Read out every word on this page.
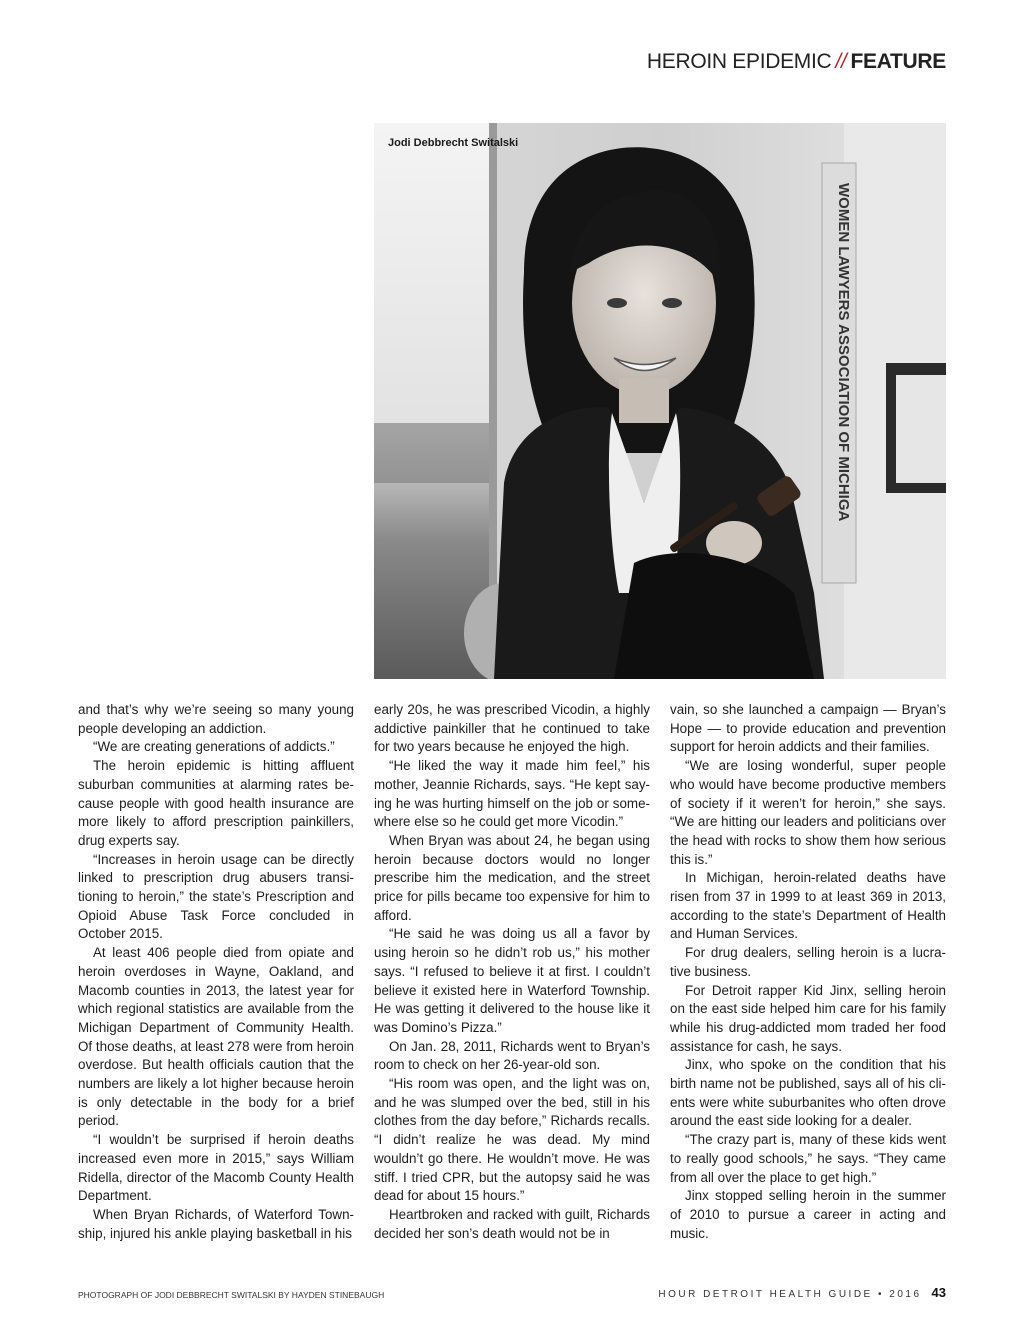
HEROIN EPIDEMIC // FEATURE
WOMEN LAWYERS ASSOCIATION OF MICHIGA
Jodi Debbrecht Switalski

and that’s why we’re seeing so many young people developing an addiction.

“We are creating generations of addicts.”

The heroin epidemic is hitting affluent suburban communities at alarming rates because people with good health insurance are more likely to afford prescription painkillers, drug experts say.

“Increases in heroin usage can be directly linked to prescription drug abusers transitioning to heroin,” the state’s Prescription and Opioid Abuse Task Force concluded in October 2015.

At least 406 people died from opiate and heroin overdoses in Wayne, Oakland, and Macomb counties in 2013, the latest year for which regional statistics are available from the Michigan Department of Community Health. Of those deaths, at least 278 were from heroin overdose. But health officials caution that the numbers are likely a lot higher because heroin is only detectable in the body for a brief period.

“I wouldn’t be surprised if heroin deaths increased even more in 2015,” says William Ridella, director of the Macomb County Health Department.

When Bryan Richards, of Waterford Township, injured his ankle playing basketball in his

early 20s, he was prescribed Vicodin, a highly addictive painkiller that he continued to take for two years because he enjoyed the high.

“He liked the way it made him feel,” his mother, Jeannie Richards, says. “He kept saying he was hurting himself on the job or somewhere else so he could get more Vicodin.”

When Bryan was about 24, he began using heroin because doctors would no longer prescribe him the medication, and the street price for pills became too expensive for him to afford.

“He said he was doing us all a favor by using heroin so he didn’t rob us,” his mother says. “I refused to believe it at first. I couldn’t believe it existed here in Waterford Township. He was getting it delivered to the house like it was Domino’s Pizza.”

On Jan. 28, 2011, Richards went to Bryan’s room to check on her 26-year-old son.

“His room was open, and the light was on, and he was slumped over the bed, still in his clothes from the day before,” Richards recalls. “I didn’t realize he was dead. My mind wouldn’t go there. He wouldn’t move. He was stiff. I tried CPR, but the autopsy said he was dead for about 15 hours.”

Heartbroken and racked with guilt, Richards decided her son’s death would not be in

vain, so she launched a campaign — Bryan’s Hope — to provide education and prevention support for heroin addicts and their families.

“We are losing wonderful, super people who would have become productive members of society if it weren’t for heroin,” she says. “We are hitting our leaders and politicians over the head with rocks to show them how serious this is.”

In Michigan, heroin-related deaths have risen from 37 in 1999 to at least 369 in 2013, according to the state’s Department of Health and Human Services.

For drug dealers, selling heroin is a lucrative business.

For Detroit rapper Kid Jinx, selling heroin on the east side helped him care for his family while his drug-addicted mom traded her food assistance for cash, he says.

Jinx, who spoke on the condition that his birth name not be published, says all of his clients were white suburbanites who often drove around the east side looking for a dealer.

“The crazy part is, many of these kids went to really good schools,” he says. “They came from all over the place to get high.”

Jinx stopped selling heroin in the summer of 2010 to pursue a career in acting and music.

PHOTOGRAPH OF JODI DEBBRECHT SWITALSKI BY HAYDEN STINEBAUGH	HOUR DETROIT HEALTH GUIDE • 2016 43
